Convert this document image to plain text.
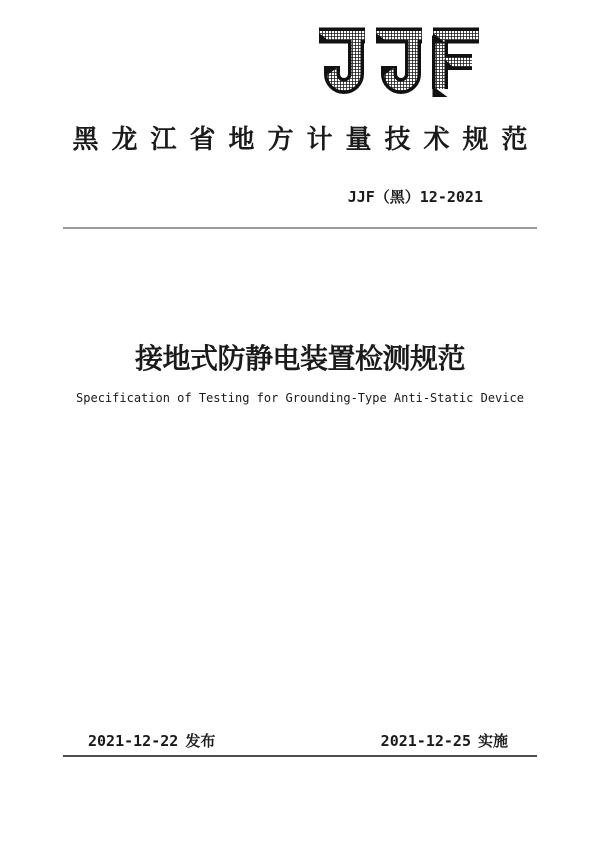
黑龙江省地方计量技术规范
JJF（黑）12-2021
接地式防静电装置检测规范
Specification of Testing for Grounding-Type Anti-Static Device
2021-12-22 发布	2021-12-25 实施
